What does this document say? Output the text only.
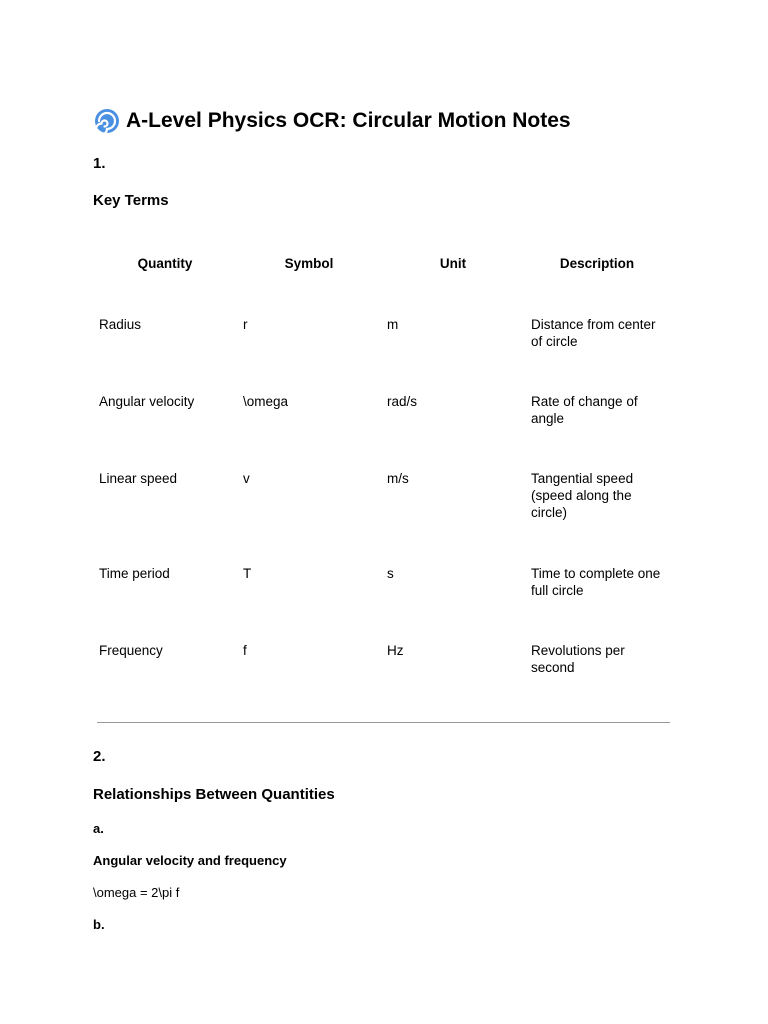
A-Level Physics OCR: Circular Motion Notes
1.
Key Terms
Quantity	Symbol	Unit	Description
Radius	r	m	Distance from center of circle
Angular velocity	\omega	rad/s	Rate of change of angle
Linear speed	v	m/s	Tangential speed (speed along the circle)
Time period	T	s	Time to complete one full circle
Frequency	f	Hz	Revolutions per second
2.
Relationships Between Quantities
a.
Angular velocity and frequency
\omega = 2\pi f
b.
